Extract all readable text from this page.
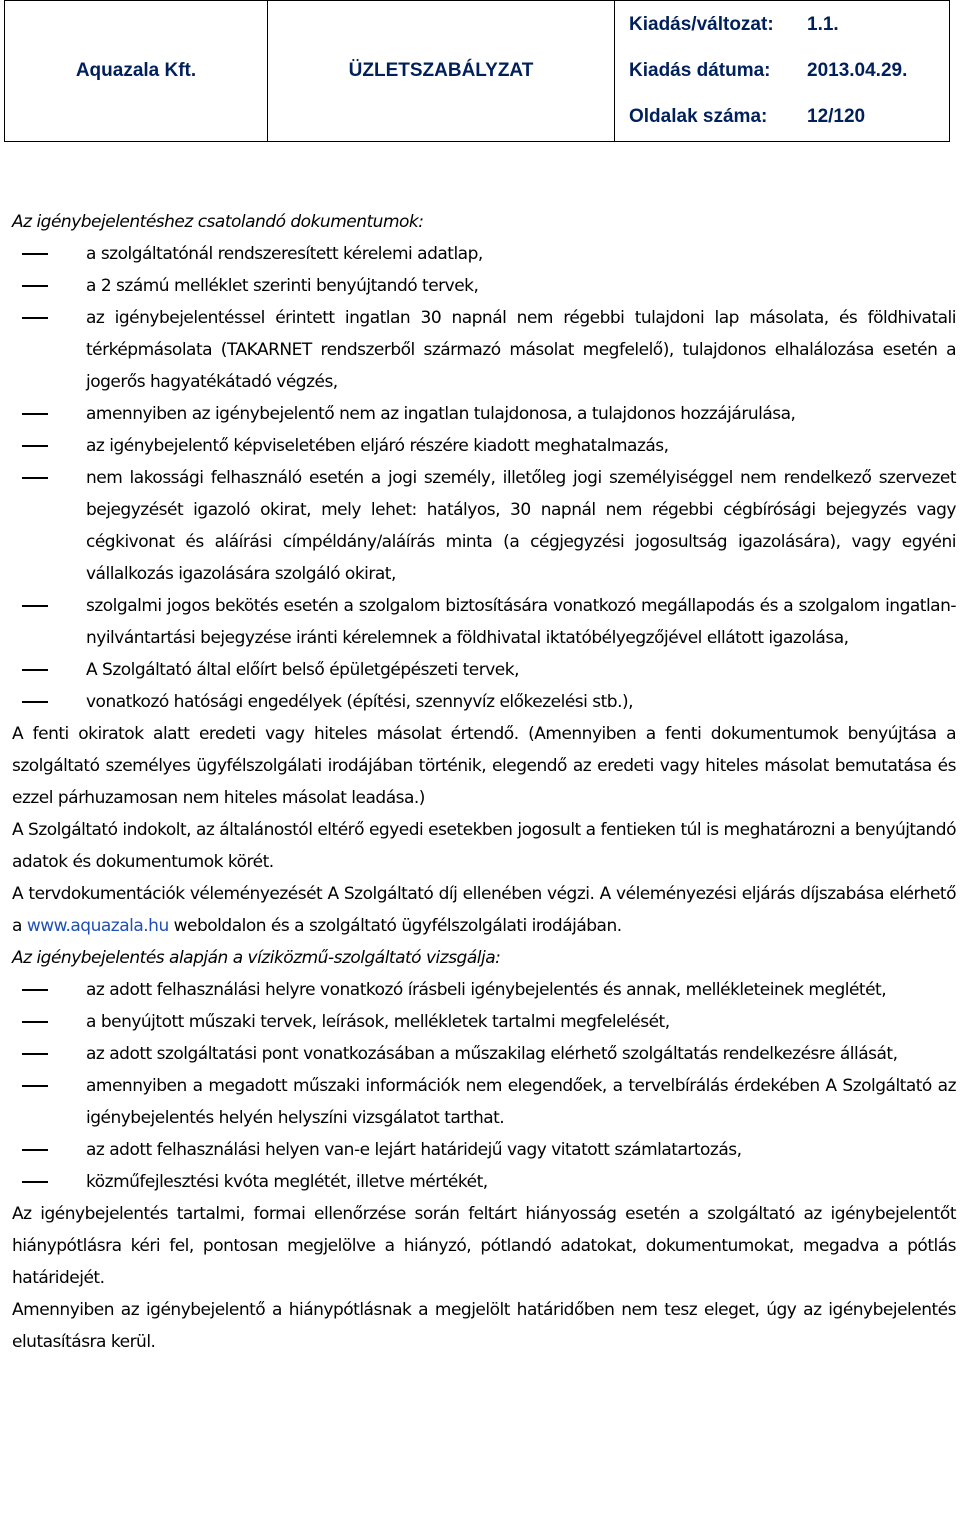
Aquazala Kft.	ÜZLETSZABÁLYZAT
Kiadás/változat:	1.1.
Kiadás dátuma:	2013.04.29.
Oldalak száma:	12/120
Az igénybejelentéshez csatolandó dokumentumok:
a szolgáltatónál rendszeresített kérelemi adatlap,
a 2 számú melléklet szerinti benyújtandó tervek,
az igénybejelentéssel érintett ingatlan 30 napnál nem régebbi tulajdoni lap másolata, és földhivatali térképmásolata (TAKARNET rendszerből származó másolat megfelelő), tulajdonos elhalálozása esetén a jogerős hagyatékátadó végzés,
amennyiben az igénybejelentő nem az ingatlan tulajdonosa, a tulajdonos hozzájárulása,
az igénybejelentő képviseletében eljáró részére kiadott meghatalmazás,
nem lakossági felhasználó esetén a jogi személy, illetőleg jogi személyiséggel nem rendelkező szervezet bejegyzését igazoló okirat, mely lehet: hatályos, 30 napnál nem régebbi cégbírósági bejegyzés vagy cégkivonat és aláírási címpéldány/aláírás minta (a cégjegyzési jogosultság igazolására), vagy egyéni vállalkozás igazolására szolgáló okirat,
szolgalmi jogos bekötés esetén a szolgalom biztosítására vonatkozó megállapodás és a szolgalom ingatlan-nyilvántartási bejegyzése iránti kérelemnek a földhivatal iktatóbélyegzőjével ellátott igazolása,
A Szolgáltató által előírt belső épületgépészeti tervek,
vonatkozó hatósági engedélyek (építési, szennyvíz előkezelési stb.),
A fenti okiratok alatt eredeti vagy hiteles másolat értendő. (Amennyiben a fenti dokumentumok benyújtása a szolgáltató személyes ügyfélszolgálati irodájában történik, elegendő az eredeti vagy hiteles másolat bemutatása és ezzel párhuzamosan nem hiteles másolat leadása.)
A Szolgáltató indokolt, az általánostól eltérő egyedi esetekben jogosult a fentieken túl is meghatározni a benyújtandó adatok és dokumentumok körét.
A tervdokumentációk véleményezését A Szolgáltató díj ellenében végzi. A véleményezési eljárás díjszabása elérhető a www.aquazala.hu weboldalon és a szolgáltató ügyfélszolgálati irodájában.
Az igénybejelentés alapján a víziközmű-szolgáltató vizsgálja:
az adott felhasználási helyre vonatkozó írásbeli igénybejelentés és annak, mellékleteinek meglétét,
a benyújtott műszaki tervek, leírások, mellékletek tartalmi megfelelését,
az adott szolgáltatási pont vonatkozásában a műszakilag elérhető szolgáltatás rendelkezésre állását,
amennyiben a megadott műszaki információk nem elegendőek, a tervelbírálás érdekében A Szolgáltató az igénybejelentés helyén helyszíni vizsgálatot tarthat.
az adott felhasználási helyen van-e lejárt határidejű vagy vitatott számlatartozás,
közműfejlesztési kvóta meglétét, illetve mértékét,
Az igénybejelentés tartalmi, formai ellenőrzése során feltárt hiányosság esetén a szolgáltató az igénybejelentőt hiánypótlásra kéri fel, pontosan megjelölve a hiányzó, pótlandó adatokat, dokumentumokat, megadva a pótlás határidejét.
Amennyiben az igénybejelentő a hiánypótlásnak a megjelölt határidőben nem tesz eleget, úgy az igénybejelentés elutasításra kerül.
